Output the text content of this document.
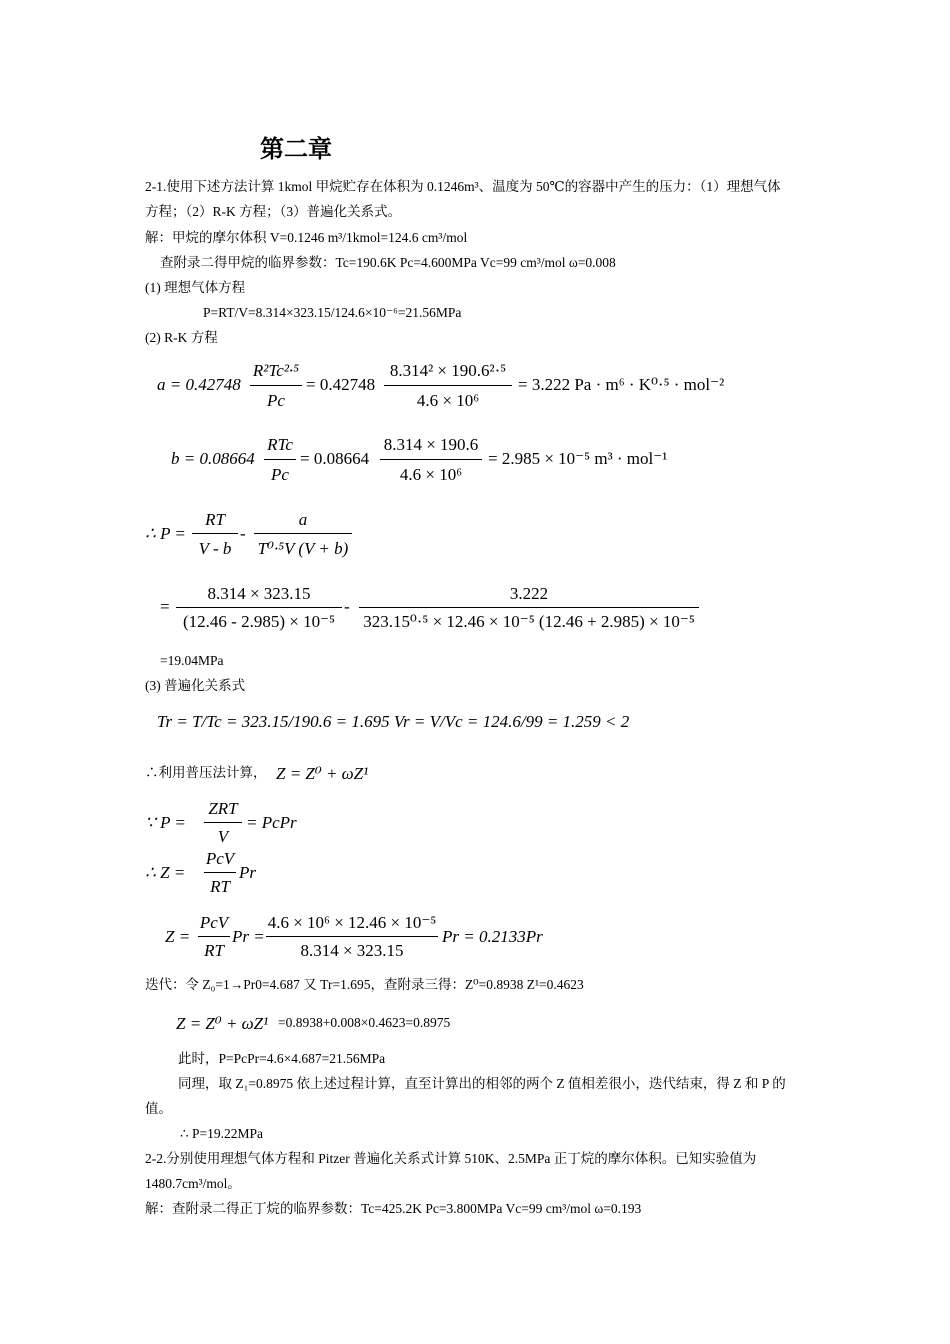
第二章
2-1.使用下述方法计算 1kmol 甲烷贮存在体积为 0.1246m³、温度为 50℃的容器中产生的压力：（1）理想气体
方程；（2）R-K 方程；（3）普遍化关系式。
解：甲烷的摩尔体积 V=0.1246 m³/1kmol=124.6 cm³/mol
查附录二得甲烷的临界参数：Tc=190.6K Pc=4.600MPa Vc=99 cm³/mol ω=0.008
(1) 理想气体方程
P=RT/V=8.314×323.15/124.6×10⁻⁶=21.56MPa
(2) R-K 方程
a = 0.42748
R²Tc²·⁵
Pc
= 0.42748
8.314² × 190.6²·⁵
4.6 × 10⁶
= 3.222 Pa · m⁶ · K⁰·⁵ · mol⁻²
b = 0.08664
RTc
Pc
= 0.08664
8.314 × 190.6
4.6 × 10⁶
= 2.985 × 10⁻⁵ m³ · mol⁻¹
∴ P =
RT
V - b
-
a
T⁰·⁵V (V + b)
=
8.314 × 323.15
(12.46 - 2.985) × 10⁻⁵
-
3.222
323.15⁰·⁵ × 12.46 × 10⁻⁵ (12.46 + 2.985) × 10⁻⁵
=19.04MPa
(3) 普遍化关系式
Tr = T/Tc = 323.15/190.6 = 1.695 Vr = V/Vc = 124.6/99 = 1.259 < 2
∴利用普压法计算， Z = Z⁰ + ωZ¹
∵ P =
ZRT
V
= PcPr
∴ Z =
PcV
RT
Pr
Z =
PcV
RT
Pr =
4.6 × 10⁶ × 12.46 × 10⁻⁵
8.314 × 323.15
Pr = 0.2133Pr
迭代：令 Z₀=1→Pr0=4.687 又 Tr=1.695，查附录三得：Z⁰=0.8938 Z¹=0.4623
Z = Z⁰ + ωZ¹ =0.8938+0.008×0.4623=0.8975
此时，P=PcPr=4.6×4.687=21.56MPa
同理，取 Z₁=0.8975 依上述过程计算，直至计算出的相邻的两个 Z 值相差很小，迭代结束，得 Z 和 P 的
值。
∴ P=19.22MPa
2-2.分别使用理想气体方程和 Pitzer 普遍化关系式计算 510K、2.5MPa 正丁烷的摩尔体积。已知实验值为
1480.7cm³/mol。
解：查附录二得正丁烷的临界参数：Tc=425.2K Pc=3.800MPa Vc=99 cm³/mol ω=0.193
